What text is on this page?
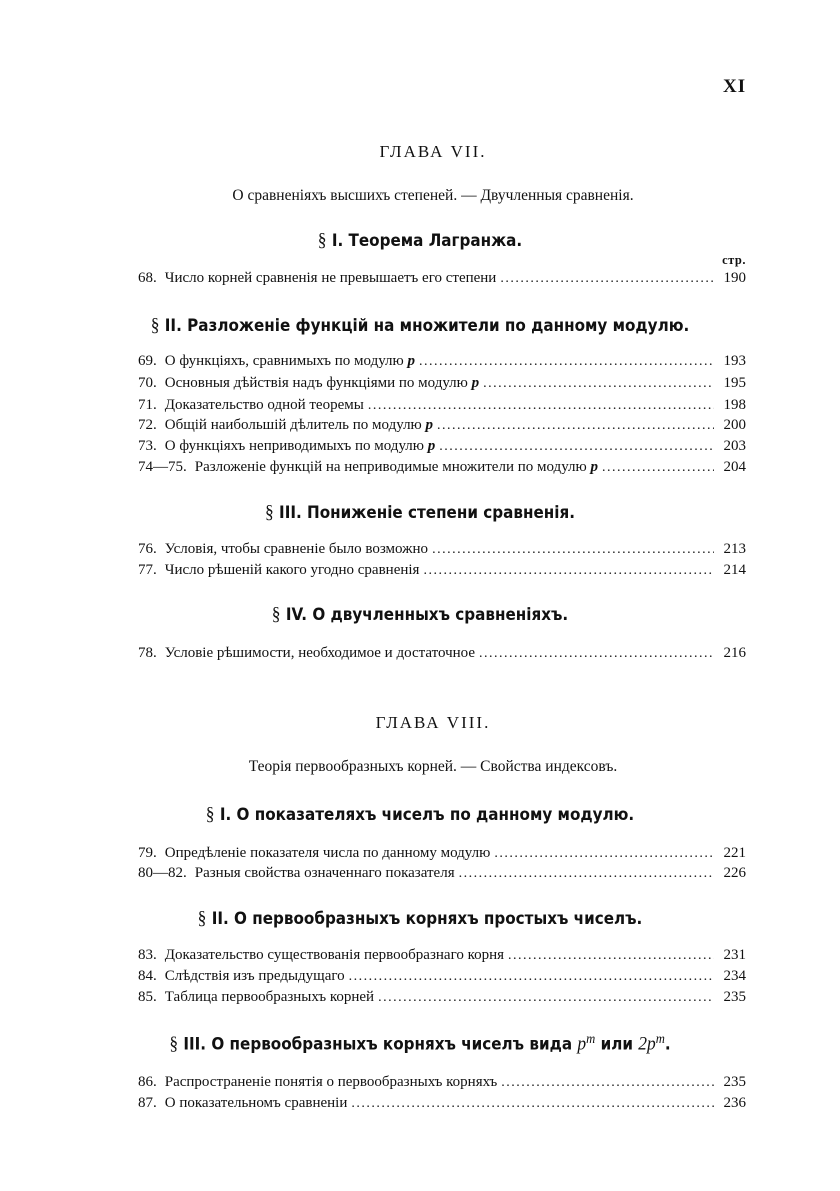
XI
ГЛАВА VII.
О сравненіяхъ высшихъ степеней. — Двучленныя сравненія.
§ I. Теорема Лагранжа.
стр.
68. Число корней сравненія не превышаетъ его степени . . .	190
§ II. Разложеніе функцій на множители по данному модулю.
69. О функціяхъ, сравнимыхъ по модулю p . . .	193
70. Основныя дѣйствія надъ функціями по модулю p . . .	195
71. Доказательство одной теоремы . . .	198
72. Общій наибольшій дѣлитель по модулю p . . .	200
73. О функціяхъ неприводимыхъ по модулю p . . .	203
74—75. Разложеніе функцій на неприводимые множители по модулю p . . .	204
§ III. Пониженіе степени сравненія.
76. Условія, чтобы сравненіе было возможно . . .	213
77. Число рѣшеній какого угодно сравненія . . .	214
§ IV. О двучленныхъ сравненіяхъ.
78. Условіе рѣшимости, необходимое и достаточное . . .	216
ГЛАВА VIII.
Теорія первообразныхъ корней. — Свойства индексовъ.
§ I. О показателяхъ чиселъ по данному модулю.
79. Опредѣленіе показателя числа по данному модулю . . .	221
80—82. Разныя свойства означеннаго показателя . . .	226
§ II. О первообразныхъ корняхъ простыхъ чиселъ.
83. Доказательство существованія первообразнаго корня . . .	231
84. Слѣдствія изъ предыдущаго . . .	234
85. Таблица первообразныхъ корней . . .	235
§ III. О первообразныхъ корняхъ чиселъ вида $p^m$ или $2p^m$.
86. Распространеніе понятія о первообразныхъ корняхъ . . .	235
87. О показательномъ сравненіи . . .	236
